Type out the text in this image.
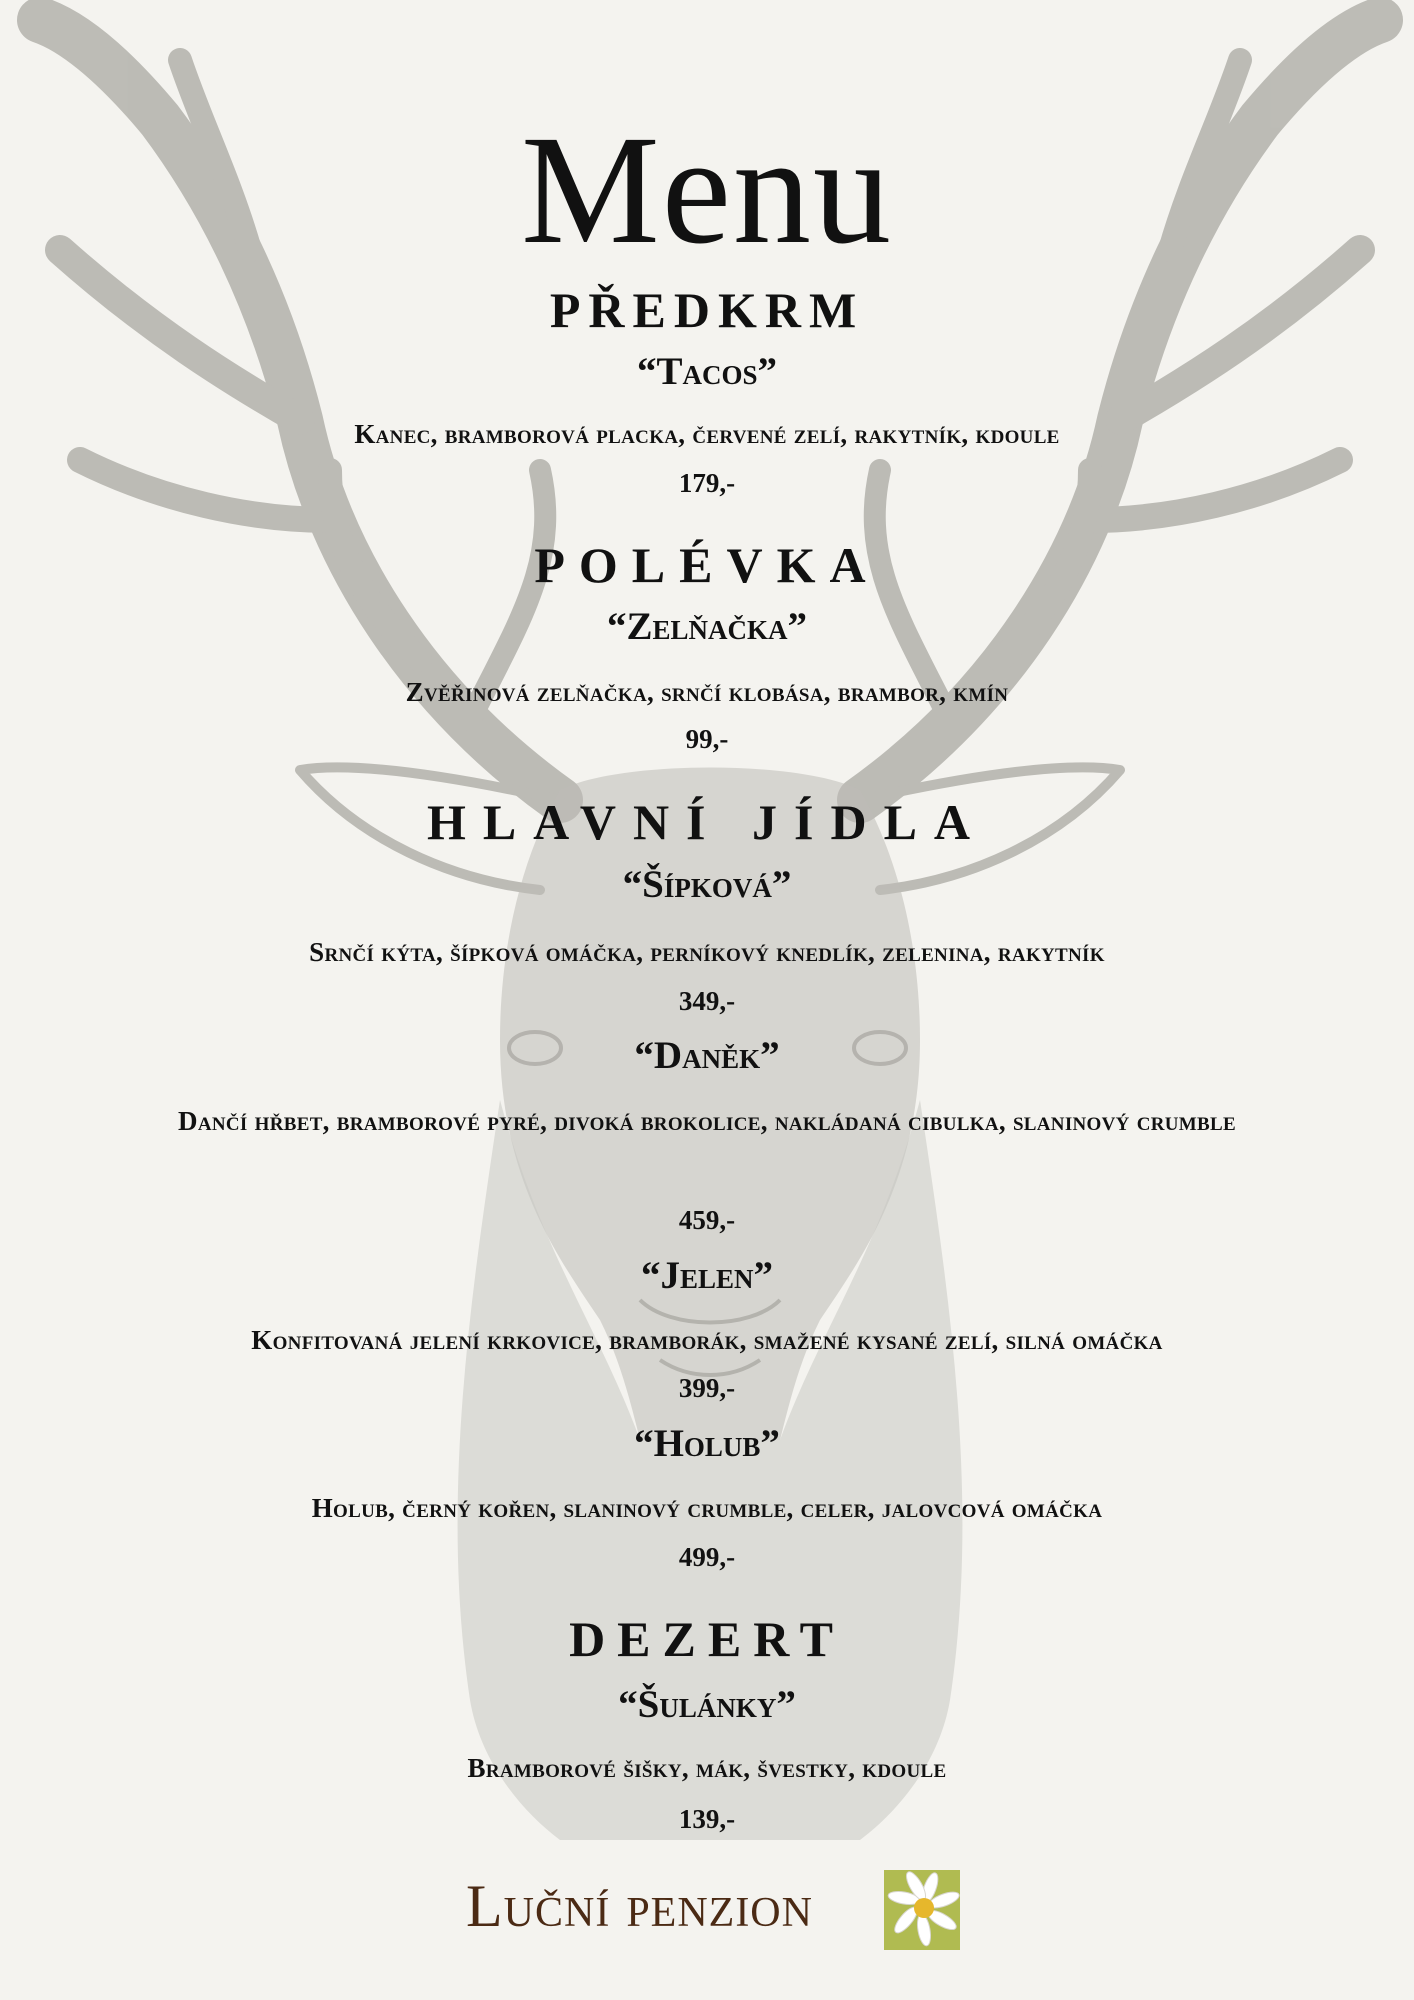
Menu
PŘEDKRM
“Tacos”
Kanec, bramborová placka, červené zelí, rakytník, kdoule
179,-
POLÉVKA
“Zelňačka”
Zvěřinová zelňačka, srnčí klobása, brambor, kmín
99,-
HLAVNÍ JÍDLA
“Šípková”
Srnčí kýta, šípková omáčka, perníkový knedlík, zelenina, rakytník
349,-
“Daněk”
Dančí hřbet, bramborové pyré, divoká brokolice, nakládaná cibulka, slaninový crumble
459,-
“Jelen”
Konfitovaná jelení krkovice, bramborák, smažené kysané zelí, silná omáčka
399,-
“Holub”
Holub, černý kořen, slaninový crumble, celer, jalovcová omáčka
499,-
DEZERT
“Šulánky”
Bramborové šišky, mák, švestky, kdoule
139,-
Luční penzion
